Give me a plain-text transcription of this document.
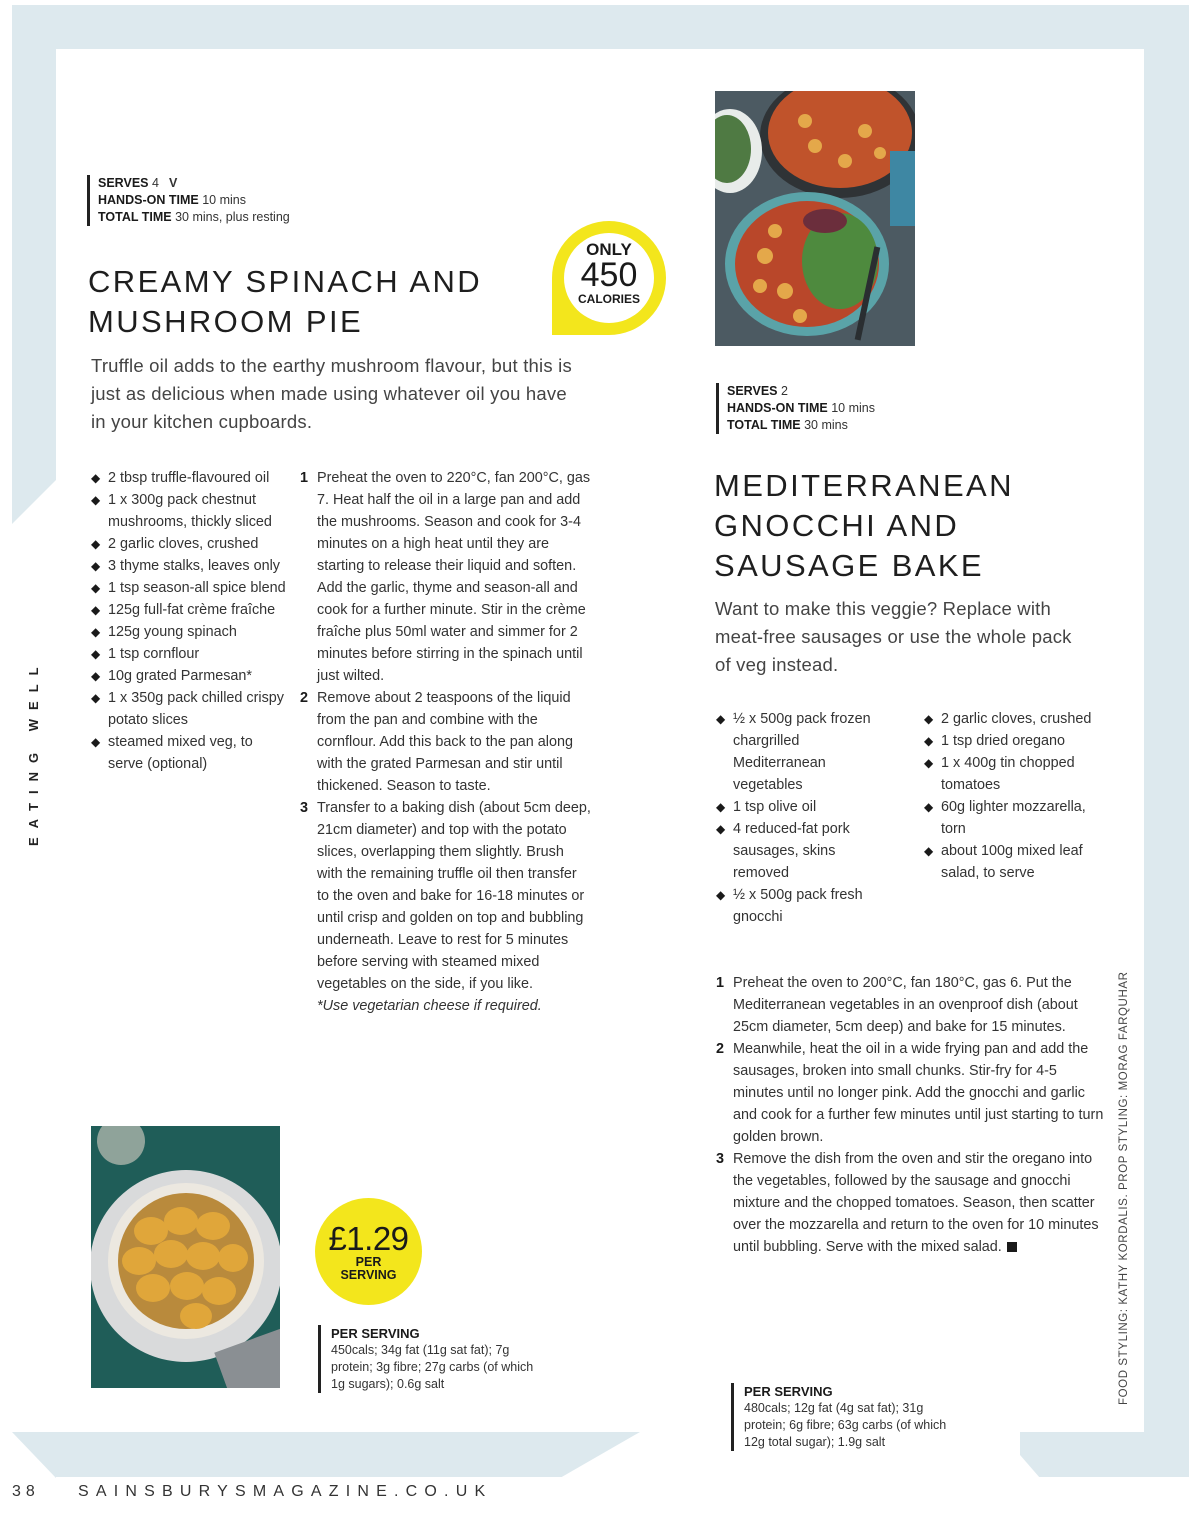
EATING WELL
SERVES 4 V
HANDS-ON TIME 10 mins
TOTAL TIME 30 mins, plus resting
CREAMY SPINACH AND
MUSHROOM PIE
ONLY
450
CALORIES

Truffle oil adds to the earthy mushroom flavour, but this is just as delicious when made using whatever oil you have in your kitchen cupboards.

◆ 2 tbsp truffle-flavoured oil
◆ 1 x 300g pack chestnut mushrooms, thickly sliced
◆ 2 garlic cloves, crushed
◆ 3 thyme stalks, leaves only
◆ 1 tsp season-all spice blend
◆ 125g full-fat crème fraîche
◆ 125g young spinach
◆ 1 tsp cornflour
◆ 10g grated Parmesan*
◆ 1 x 350g pack chilled crispy potato slices
◆ steamed mixed veg, to serve (optional)
1 Preheat the oven to 220°C, fan 200°C, gas 7. Heat half the oil in a large pan and add the mushrooms. Season and cook for 3-4 minutes on a high heat until they are starting to release their liquid and soften. Add the garlic, thyme and season-all and cook for a further minute. Stir in the crème fraîche plus 50ml water and simmer for 2 minutes before stirring in the spinach until just wilted.
2 Remove about 2 teaspoons of the liquid from the pan and combine with the cornflour. Add this back to the pan along with the grated Parmesan and stir until thickened. Season to taste.
3 Transfer to a baking dish (about 5cm deep, 21cm diameter) and top with the potato slices, overlapping them slightly. Brush with the remaining truffle oil then transfer to the oven and bake for 16-18 minutes or until crisp and golden on top and bubbling underneath. Leave to rest for 5 minutes before serving with steamed mixed vegetables on the side, if you like.
*Use vegetarian cheese if required.
£1.29
PER
SERVING
PER SERVING
450cals; 34g fat (11g sat fat); 7g protein; 3g fibre; 27g carbs (of which 1g sugars); 0.6g salt
SERVES 2
HANDS-ON TIME 10 mins
TOTAL TIME 30 mins
MEDITERRANEAN
GNOCCHI AND
SAUSAGE BAKE

Want to make this veggie? Replace with meat-free sausages or use the whole pack of veg instead.

◆ ½ x 500g pack frozen chargrilled Mediterranean vegetables
◆ 1 tsp olive oil
◆ 4 reduced-fat pork sausages, skins removed
◆ ½ x 500g pack fresh gnocchi
◆ 2 garlic cloves, crushed
◆ 1 tsp dried oregano
◆ 1 x 400g tin chopped tomatoes
◆ 60g lighter mozzarella, torn
◆ about 100g mixed leaf salad, to serve
1 Preheat the oven to 200°C, fan 180°C, gas 6. Put the Mediterranean vegetables in an ovenproof dish (about 25cm diameter, 5cm deep) and bake for 15 minutes.
2 Meanwhile, heat the oil in a wide frying pan and add the sausages, broken into small chunks. Stir-fry for 4-5 minutes until no longer pink. Add the gnocchi and garlic and cook for a further few minutes until just starting to turn golden brown.
3 Remove the dish from the oven and stir the oregano into the vegetables, followed by the sausage and gnocchi mixture and the chopped tomatoes. Season, then scatter over the mozzarella and return to the oven for 10 minutes until bubbling. Serve with the mixed salad.
PER SERVING
480cals; 12g fat (4g sat fat); 31g protein; 6g fibre; 63g carbs (of which 12g total sugar); 1.9g salt
FOOD STYLING: KATHY KORDALIS. PROP STYLING: MORAG FARQUHAR
38 SAINSBURYSMAGAZINE.CO.UK
